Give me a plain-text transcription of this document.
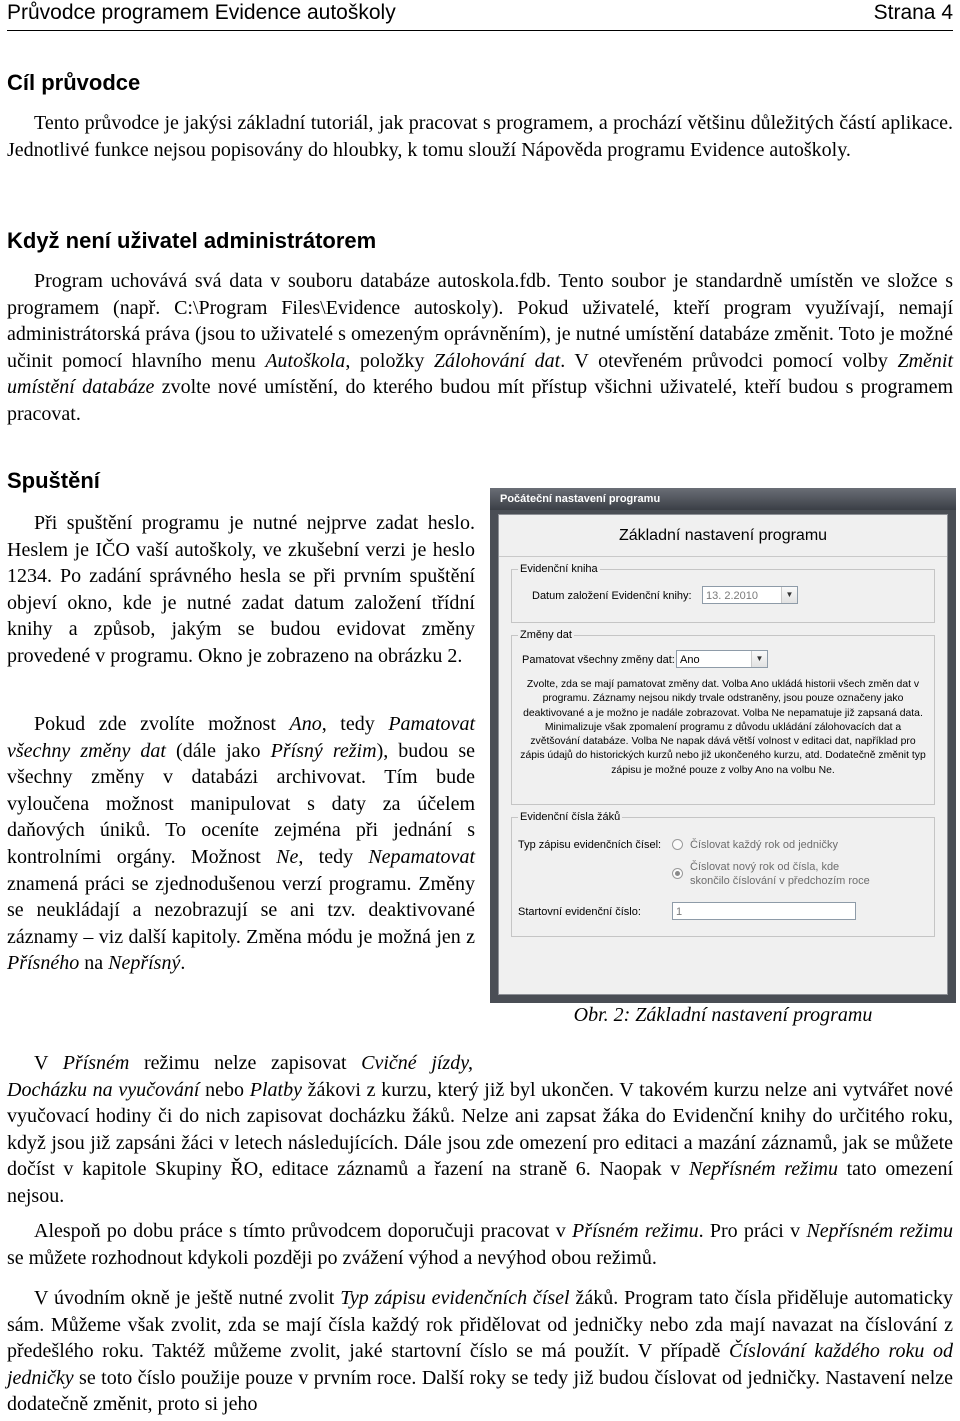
Průvodce programem Evidence autoškoly	Strana 4
Cíl průvodce

Tento průvodce je jakýsi základní tutoriál, jak pracovat s programem, a prochází většinu důležitých částí aplikace. Jednotlivé funkce nejsou popisovány do hloubky, k tomu slouží Nápověda programu Evidence autoškoly.

Když není uživatel administrátorem

Program uchovává svá data v souboru databáze autoskola.fdb. Tento soubor je standardně umístěn ve složce s programem (např. C:\Program Files\Evidence autoskoly). Pokud uživatelé, kteří program využívají, nemají administrátorská práva (jsou to uživatelé s omezeným oprávněním), je nutné umístění databáze změnit. Toto je možné učinit pomocí hlavního menu Autoškola, položky Zálohování dat. V otevřeném průvodci pomocí volby Změnit umístění databáze zvolte nové umístění, do kterého budou mít přístup všichni uživatelé, kteří budou s programem pracovat.

Spuštění

Při spuštění programu je nutné nejprve zadat heslo. Heslem je IČO vaší autoškoly, ve zkušební verzi je heslo 1234. Po zadání správného hesla se při prvním spuštění objeví okno, kde je nutné zadat datum založení třídní knihy a způsob, jakým se budou evidovat změny provedené v programu. Okno je zobrazeno na obrázku 2.

Pokud zde zvolíte možnost Ano, tedy Pamatovat všechny změny dat (dále jako Přísný režim), budou se všechny změny v databázi archivovat. Tím bude vyloučena možnost manipulovat s daty za účelem daňových úniků. To oceníte zejména při jednání s kontrolními orgány. Možnost Ne, tedy Nepamatovat znamená práci se zjednodušenou verzí programu. Změny se neukládají a nezobrazují se ani tzv. deaktivované záznamy – viz další kapitoly. Změna módu je možná jen z Přísného na Nepřísný.

V Přísném režimu nelze zapisovat Cvičné jízdy, Docházku na vyučování nebo Platby žákovi z kurzu, který již byl ukončen. V takovém kurzu nelze ani vytvářet nové vyučovací hodiny či do nich zapisovat docházku žáků. Nelze ani zapsat žáka do Evidenční knihy do určitého roku, když jsou již zapsáni žáci v letech následujících. Dále jsou zde omezení pro editaci a mazání záznamů, jak se můžete dočíst v kapitole Skupiny ŘO, editace záznamů a řazení na straně 6. Naopak v Nepřísném režimu tato omezení nejsou.

Alespoň po dobu práce s tímto průvodcem doporučuji pracovat v Přísném režimu. Pro práci v Nepřísném režimu se můžete rozhodnout kdykoli později po zvážení výhod a nevýhod obou režimů.

V úvodním okně je ještě nutné zvolit Typ zápisu evidenčních čísel žáků. Program tato čísla přiděluje automaticky sám. Můžeme však zvolit, zda se mají čísla každý rok přidělovat od jedničky nebo zda mají navazat na číslování z předešlého roku. Taktéž můžeme zvolit, jaké startovní číslo se má použít. V případě Číslování každého roku od jedničky se toto číslo použije pouze v prvním roce. Další roky se tedy již budou číslovat od jedničky. Nastavení nelze dodatečně změnit, proto si jeho

Počáteční nastavení programu
Základní nastavení programu
Evidenční kniha
Datum založení Evidenční knihy:	13. 2.2010	▼
Změny dat
Pamatovat všechny změny dat: Ano	▼
Zvolte, zda se mají pamatovat změny dat. Volba Ano ukládá historii všech změn dat v programu. Záznamy nejsou nikdy trvale odstraněny, jsou pouze označeny jako deaktivované a je možno je nadále zobrazovat. Volba Ne nepamatuje již zapsaná data. Minimalizuje však zpomalení programu z důvodu ukládání zálohovacích dat a zvětšování databáze. Volba Ne napak dává větší volnost v editaci dat, například pro zápis údajů do historických kurzů nebo již ukončeného kurzu, atd. Dodatečně změnit typ zápisu je možné pouze z volby Ano na volbu Ne.
Evidenční čísla žáků
Typ zápisu evidenčních čísel:	Číslovat každý rok od jedničky
Číslovat nový rok od čísla, kde skončilo číslování v předchozím roce
Startovní evidenční číslo:	1
Obr. 2: Základní nastavení programu
